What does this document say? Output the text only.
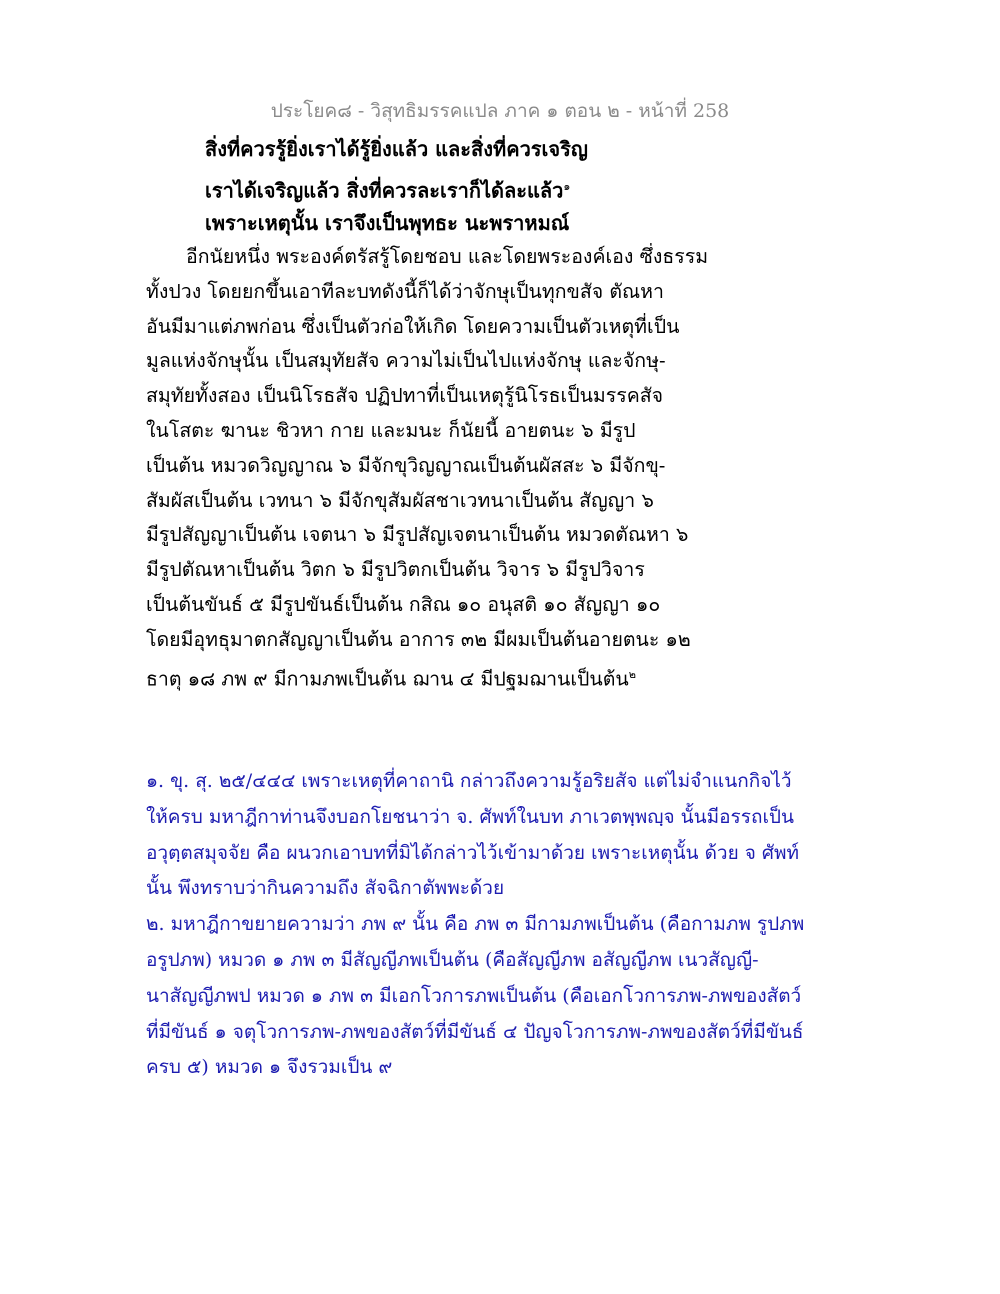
ประโยค๘ - วิสุทธิมรรคแปล ภาค ๑ ตอน ๒ - หน้าที่ 258
สิ่งที่ควรรู้ยิ่งเราได้รู้ยิ่งแล้ว และสิ่งที่ควรเจริญ
เราได้เจริญแล้ว สิ่งที่ควรละเราก็ได้ละแล้ว$^๑$
เพราะเหตุนั้น เราจึงเป็นพุทธะ นะพราหมณ์
อีกนัยหนึ่ง พระองค์ตรัสรู้โดยชอบ และโดยพระองค์เอง ซึ่งธรรม
ทั้งปวง โดยยกขึ้นเอาทีละบทดังนี้ก็ได้ว่าจักษุเป็นทุกขสัจ ตัณหา
อันมีมาแต่ภพก่อน ซึ่งเป็นตัวก่อให้เกิด โดยความเป็นตัวเหตุที่เป็น
มูลแห่งจักษุนั้น เป็นสมุทัยสัจ ความไม่เป็นไปแห่งจักษุ และจักษุ-
สมุทัยทั้งสอง เป็นนิโรธสัจ ปฏิปทาที่เป็นเหตุรู้นิโรธเป็นมรรคสัจ
ในโสตะ ฆานะ ชิวหา กาย และมนะ ก็นัยนี้ อายตนะ ๖ มีรูป
เป็นต้น หมวดวิญญาณ ๖ มีจักขุวิญญาณเป็นต้นผัสสะ ๖ มีจักขุ-
สัมผัสเป็นต้น เวทนา ๖ มีจักขุสัมผัสชาเวทนาเป็นต้น สัญญา ๖
มีรูปสัญญาเป็นต้น เจตนา ๖ มีรูปสัญเจตนาเป็นต้น หมวดตัณหา ๖
มีรูปตัณหาเป็นต้น วิตก ๖ มีรูปวิตกเป็นต้น วิจาร ๖ มีรูปวิจาร
เป็นต้นขันธ์ ๕ มีรูปขันธ์เป็นต้น กสิณ ๑๐ อนุสติ ๑๐ สัญญา ๑๐
โดยมีอุทธุมาตกสัญญาเป็นต้น อาการ ๓๒ มีผมเป็นต้นอายตนะ ๑๒
ธาตุ ๑๘ ภพ ๙ มีกามภพเป็นต้น ฌาน ๔ มีปฐมฌานเป็นต้น$^๒$
๑. ขุ. สุ. ๒๕/๔๔๔ เพราะเหตุที่คาถานิ กล่าวถึงความรู้อริยสัจ แต่ไม่จำแนกกิจไว้
ให้ครบ มหาฎีกาท่านจึงบอกโยชนาว่า จ. ศัพท์ในบท ภาเวตพฺพญฺจ นั้นมีอรรถเป็น
อวุตฺตสมุจจัย คือ ผนวกเอาบทที่มิได้กล่าวไว้เข้ามาด้วย เพราะเหตุนั้น ด้วย จ ศัพท์
นั้น พึงทราบว่ากินความถึง สัจฉิกาตัพพะด้วย
๒. มหาฎีกาขยายความว่า ภพ ๙ นั้น คือ ภพ ๓ มีกามภพเป็นต้น (คือกามภพ รูปภพ
อรูปภพ) หมวด ๑ ภพ ๓ มีสัญญีภพเป็นต้น (คือสัญญีภพ อสัญญีภพ เนวสัญญี-
นาสัญญีภพป หมวด ๑ ภพ ๓ มีเอกโวการภพเป็นต้น (คือเอกโวการภพ-ภพของสัตว์
ที่มีขันธ์ ๑ จตุโวการภพ-ภพของสัตว์ที่มีขันธ์ ๔ ปัญจโวการภพ-ภพของสัตว์ที่มีขันธ์
ครบ ๕) หมวด ๑ จึงรวมเป็น ๙
